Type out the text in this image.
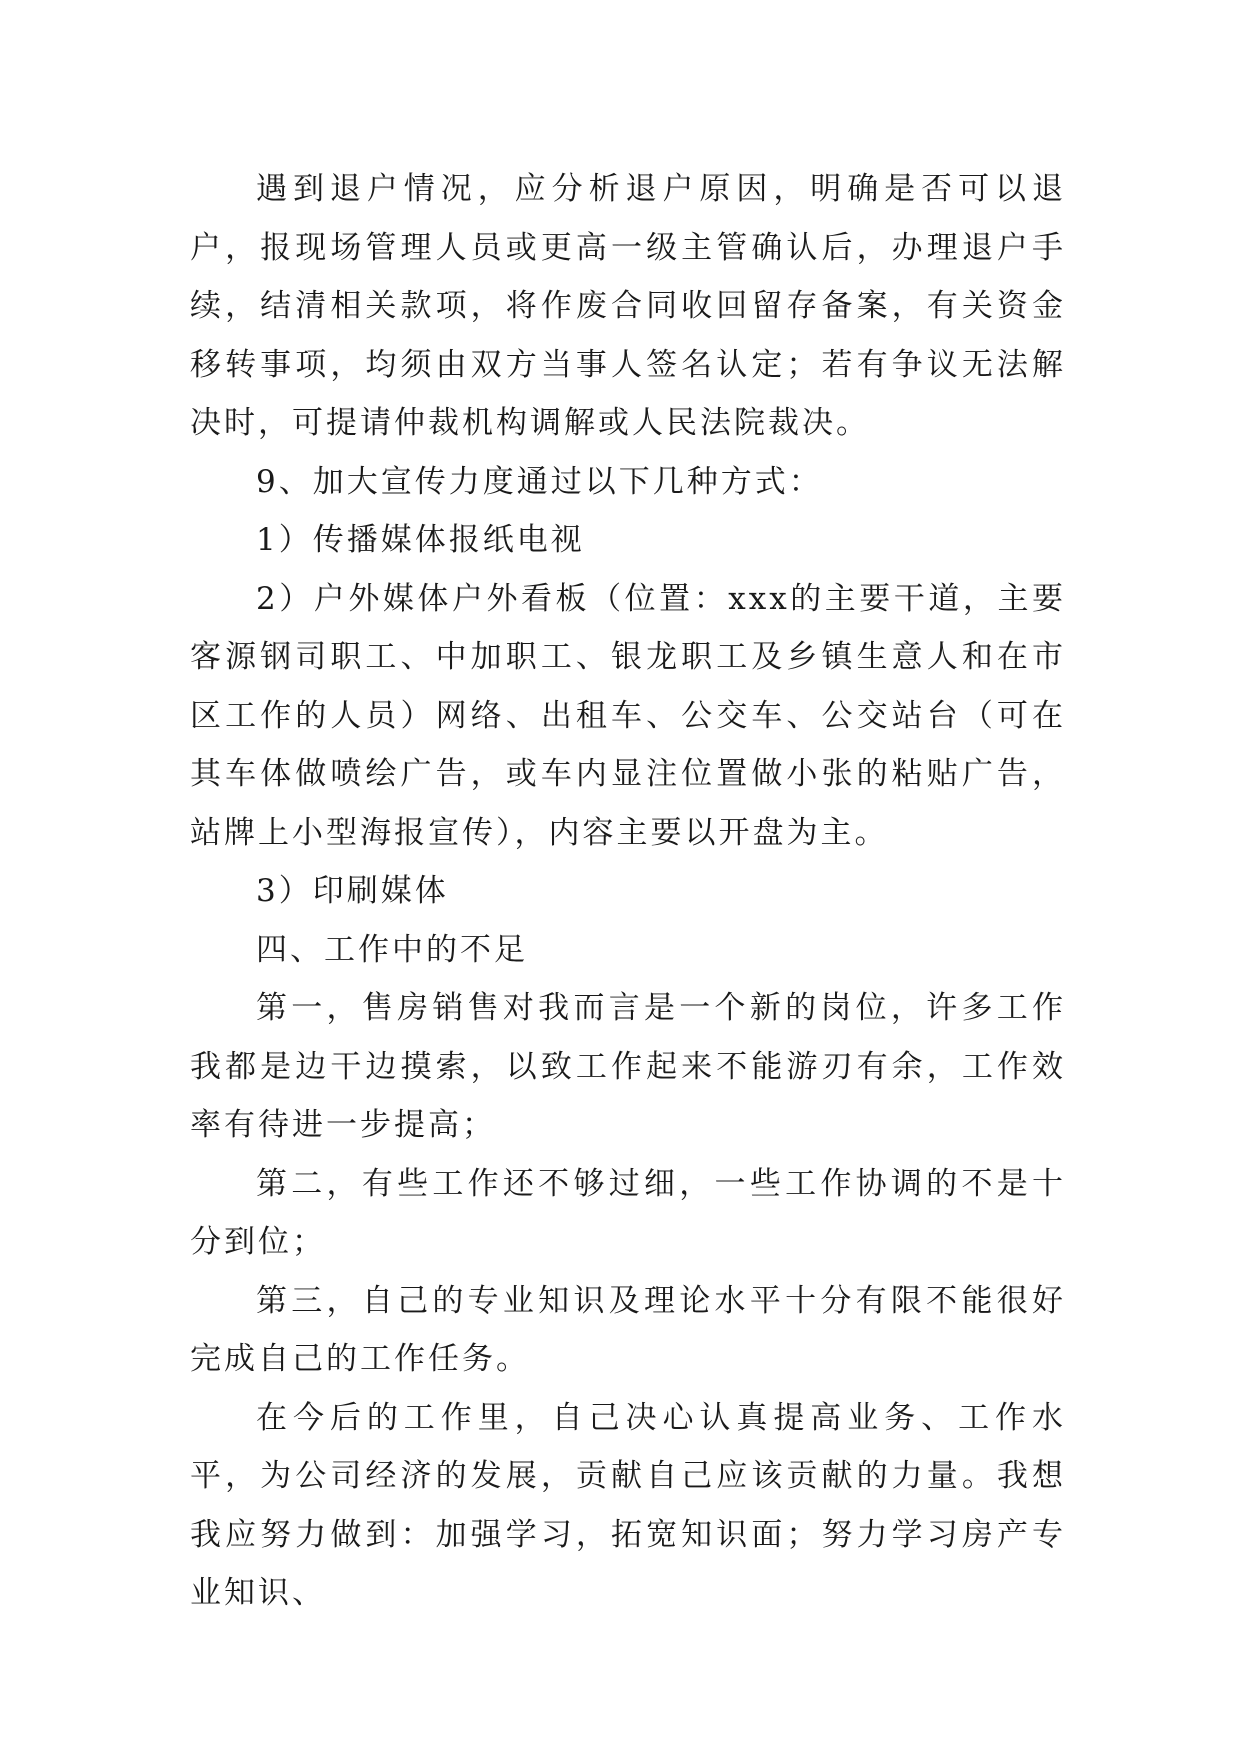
遇到退户情况，应分析退户原因，明确是否可以退户，报现场管理人员或更高一级主管确认后，办理退户手续，结清相关款项，将作废合同收回留存备案，有关资金移转事项，均须由双方当事人签名认定；若有争议无法解决时，可提请仲裁机构调解或人民法院裁决。

9、加大宣传力度通过以下几种方式：

1）传播媒体报纸电视

2）户外媒体户外看板（位置：xxx的主要干道，主要客源钢司职工、中加职工、银龙职工及乡镇生意人和在市区工作的人员）网络、出租车、公交车、公交站台（可在其车体做喷绘广告，或车内显注位置做小张的粘贴广告，站牌上小型海报宣传），内容主要以开盘为主。

3）印刷媒体

四、工作中的不足

第一，售房销售对我而言是一个新的岗位，许多工作我都是边干边摸索，以致工作起来不能游刃有余，工作效率有待进一步提高；

第二，有些工作还不够过细，一些工作协调的不是十分到位；

第三，自己的专业知识及理论水平十分有限不能很好完成自己的工作任务。

在今后的工作里，自己决心认真提高业务、工作水平，为公司经济的发展，贡献自己应该贡献的力量。我想我应努力做到：加强学习，拓宽知识面；努力学习房产专业知识、
